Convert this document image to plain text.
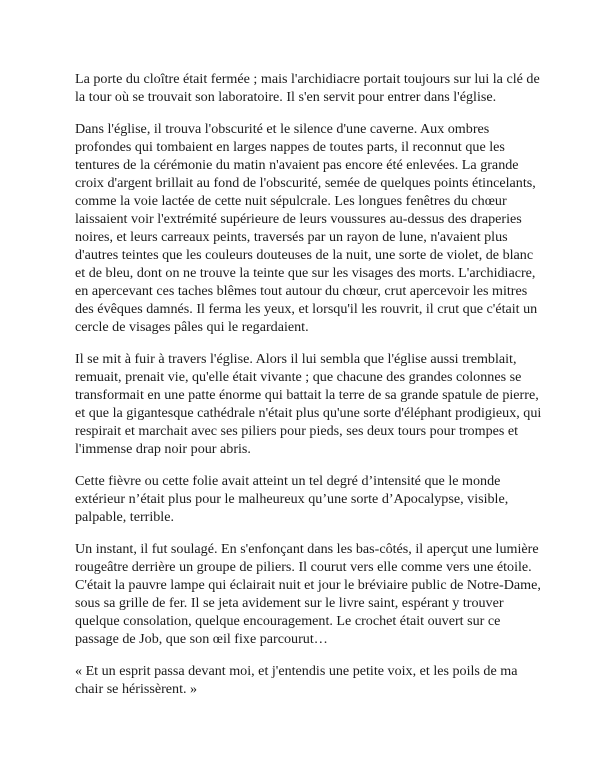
La porte du cloître était fermée ; mais l'archidiacre portait toujours sur lui la clé de la tour où se trouvait son laboratoire. Il s'en servit pour entrer dans l'église.

Dans l'église, il trouva l'obscurité et le silence d'une caverne. Aux ombres profondes qui tombaient en larges nappes de toutes parts, il reconnut que les tentures de la cérémonie du matin n'avaient pas encore été enlevées. La grande croix d'argent brillait au fond de l'obscurité, semée de quelques points étincelants, comme la voie lactée de cette nuit sépulcrale. Les longues fenêtres du chœur laissaient voir l'extrémité supérieure de leurs voussures au-dessus des draperies noires, et leurs carreaux peints, traversés par un rayon de lune, n'avaient plus d'autres teintes que les couleurs douteuses de la nuit, une sorte de violet, de blanc et de bleu, dont on ne trouve la teinte que sur les visages des morts. L'archidiacre, en apercevant ces taches blêmes tout autour du chœur, crut apercevoir les mitres des évêques damnés. Il ferma les yeux, et lorsqu'il les rouvrit, il crut que c'était un cercle de visages pâles qui le regardaient.

Il se mit à fuir à travers l'église. Alors il lui sembla que l'église aussi tremblait, remuait, prenait vie, qu'elle était vivante ; que chacune des grandes colonnes se transformait en une patte énorme qui battait la terre de sa grande spatule de pierre, et que la gigantesque cathédrale n'était plus qu'une sorte d'éléphant prodigieux, qui respirait et marchait avec ses piliers pour pieds, ses deux tours pour trompes et l'immense drap noir pour abris.

Cette fièvre ou cette folie avait atteint un tel degré d’intensité que le monde extérieur n’était plus pour le malheureux qu’une sorte d’Apocalypse, visible, palpable, terrible.

Un instant, il fut soulagé. En s'enfonçant dans les bas-côtés, il aperçut une lumière rougeâtre derrière un groupe de piliers. Il courut vers elle comme vers une étoile. C'était la pauvre lampe qui éclairait nuit et jour le bréviaire public de Notre-Dame, sous sa grille de fer. Il se jeta avidement sur le livre saint, espérant y trouver quelque consolation, quelque encouragement. Le crochet était ouvert sur ce passage de Job, que son œil fixe parcourut…

« Et un esprit passa devant moi, et j'entendis une petite voix, et les poils de ma chair se hérissèrent. »
